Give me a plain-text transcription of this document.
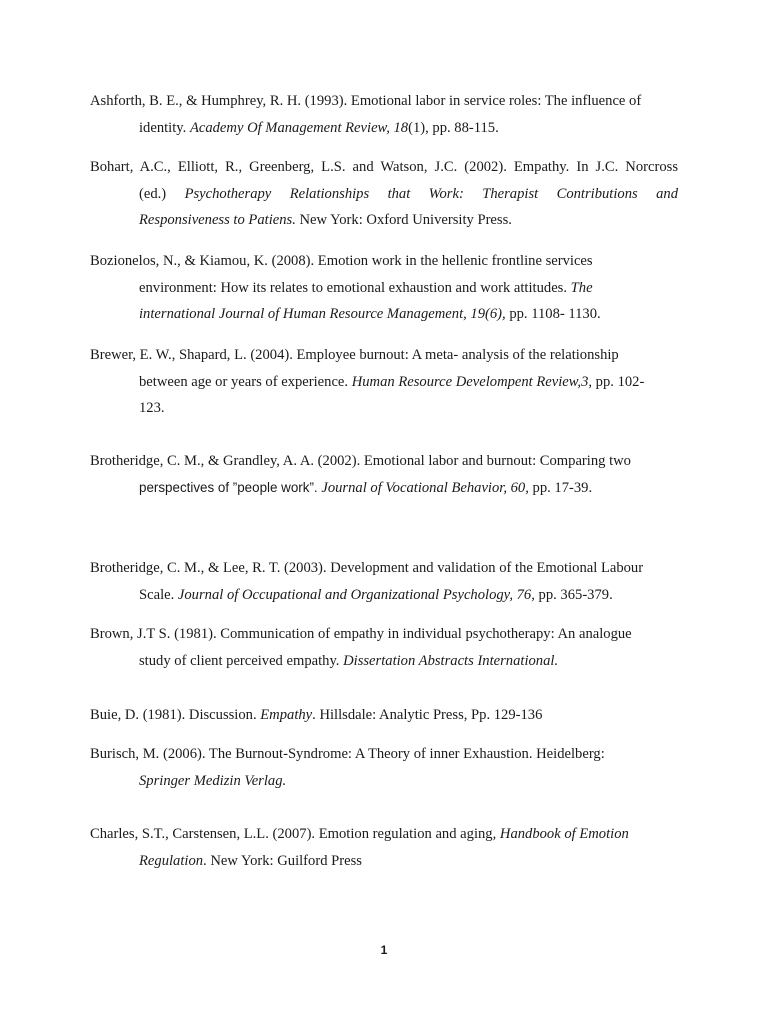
Ashforth, B. E., & Humphrey, R. H. (1993). Emotional labor in service roles: The influence of
identity. Academy Of Management Review, 18(1), pp. 88-115.
Bohart, A.C., Elliott, R., Greenberg, L.S. and Watson, J.C. (2002). Empathy. In J.C. Norcross
(ed.) Psychotherapy Relationships that Work: Therapist Contributions and
Responsiveness to Patiens. New York: Oxford University Press.
Bozionelos, N., & Kiamou, K. (2008). Emotion work in the hellenic frontline services
environment: How its relates to emotional exhaustion and work attitudes. The
international Journal of Human Resource Management, 19(6), pp. 1108- 1130.
Brewer, E. W., Shapard, L. (2004). Employee burnout: A meta- analysis of the relationship
between age or years of experience. Human Resource Develompent Review,3, pp. 102-
123.
Brotheridge, C. M., & Grandley, A. A. (2002). Emotional labor and burnout: Comparing two
perspectives of ”people work”. Journal of Vocational Behavior, 60, pp. 17-39.
Brotheridge, C. M., & Lee, R. T. (2003). Development and validation of the Emotional Labour
Scale. Journal of Occupational and Organizational Psychology, 76, pp. 365-379.
Brown, J.T S. (1981). Communication of empathy in individual psychotherapy: An analogue
study of client perceived empathy. Dissertation Abstracts International.
Buie, D. (1981). Discussion. Empathy. Hillsdale: Analytic Press, Pp. 129-136
Burisch, M. (2006). The Burnout-Syndrome: A Theory of inner Exhaustion. Heidelberg:
Springer Medizin Verlag.
Charles, S.T., Carstensen, L.L. (2007). Emotion regulation and aging, Handbook of Emotion
Regulation. New York: Guilford Press
1
